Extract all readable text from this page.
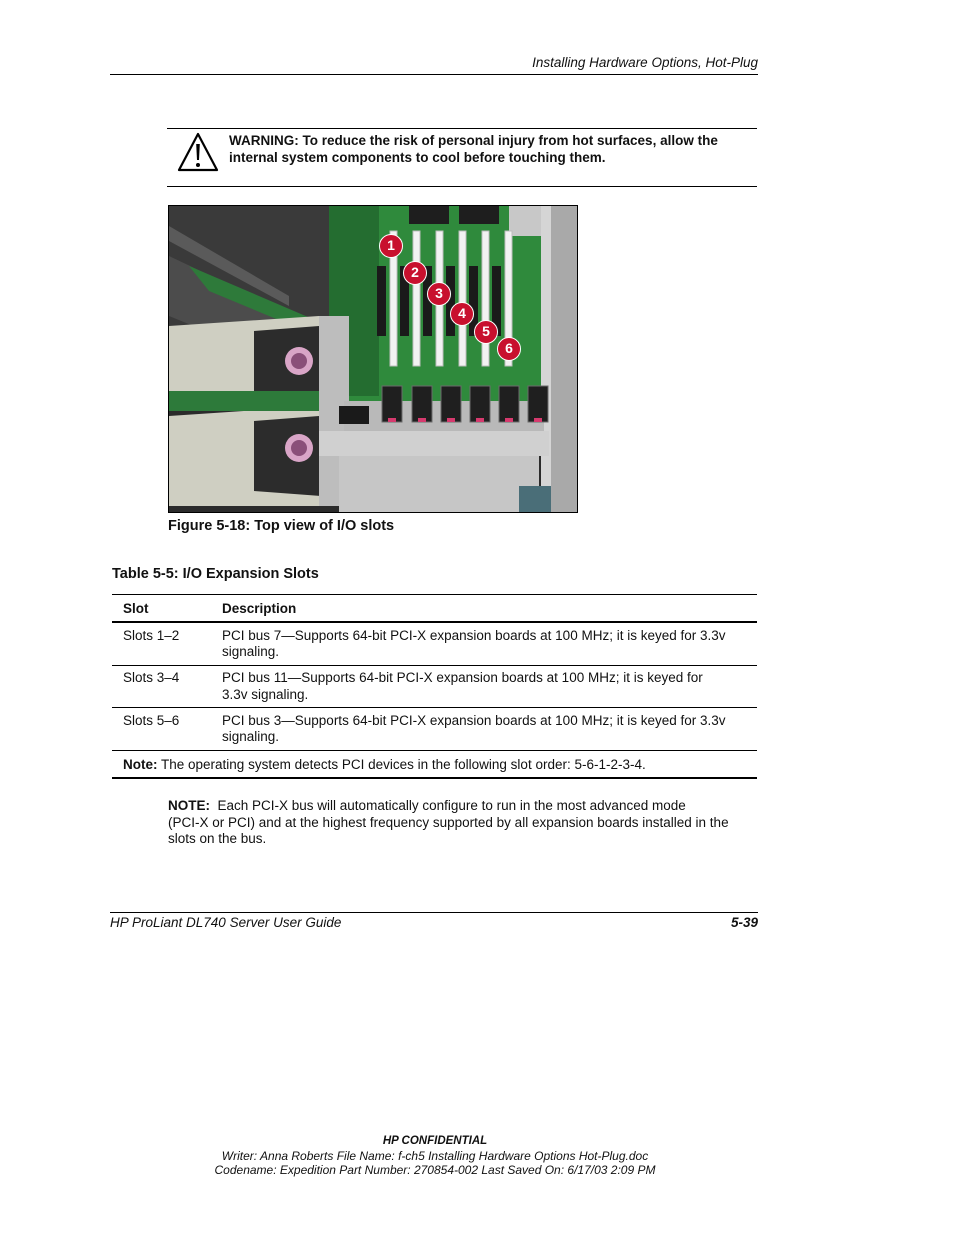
Installing Hardware Options, Hot-Plug
WARNING: To reduce the risk of personal injury from hot surfaces, allow the internal system components to cool before touching them.
1
2
3
4
5
6
Figure 5-18: Top view of I/O slots
Table 5-5: I/O Expansion Slots
Slot	Description
Slots 1–2	PCI bus 7—Supports 64-bit PCI-X expansion boards at 100 MHz; it is keyed for 3.3v
signaling.
Slots 3–4	PCI bus 11—Supports 64-bit PCI-X expansion boards at 100 MHz; it is keyed for
3.3v signaling.
Slots 5–6	PCI bus 3—Supports 64-bit PCI-X expansion boards at 100 MHz; it is keyed for 3.3v
signaling.
Note: The operating system detects PCI devices in the following slot order: 5-6-1-2-3-4.
NOTE:  Each PCI-X bus will automatically configure to run in the most advanced mode
(PCI-X or PCI) and at the highest frequency supported by all expansion boards installed in the
slots on the bus.
HP ProLiant DL740 Server User Guide	5-39
HP CONFIDENTIAL
Writer: Anna Roberts File Name: f-ch5 Installing Hardware Options Hot-Plug.doc
Codename: Expedition Part Number: 270854-002 Last Saved On: 6/17/03 2:09 PM
